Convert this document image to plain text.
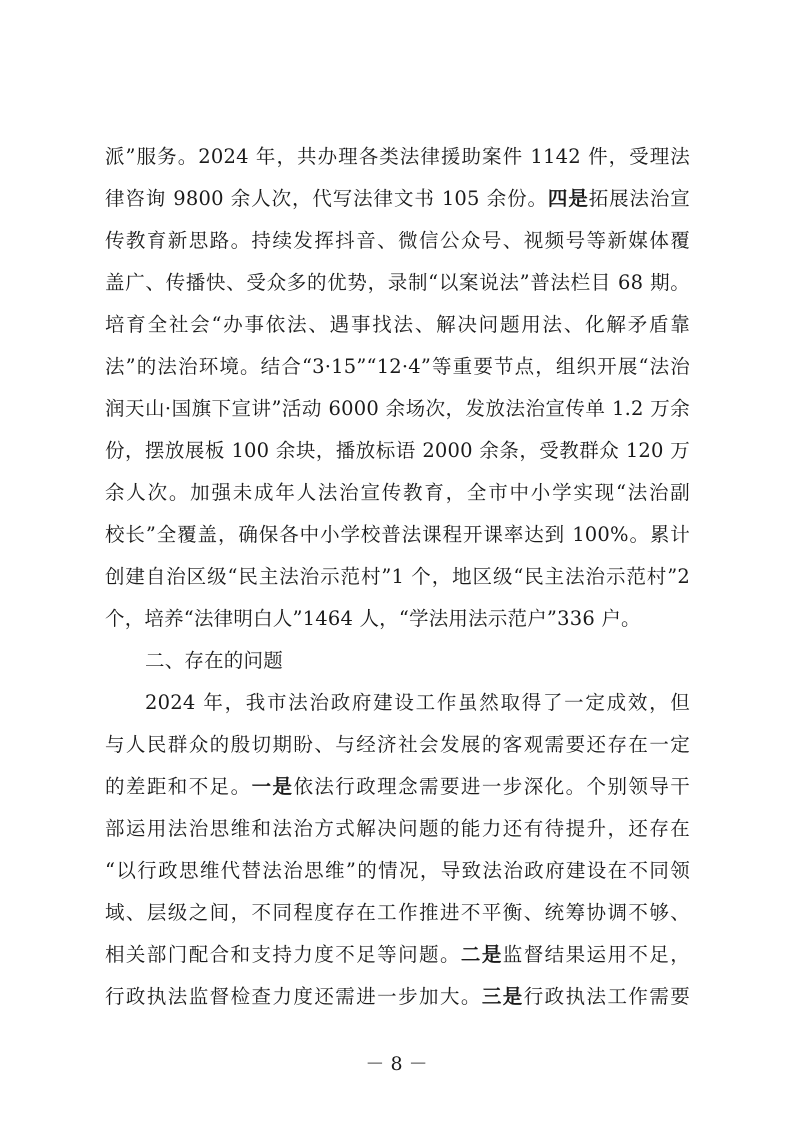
派”服务。2024 年，共办理各类法律援助案件 1142 件，受理法
律咨询 9800 余人次，代写法律文书 105 余份。四是拓展法治宣
传教育新思路。持续发挥抖音、微信公众号、视频号等新媒体覆
盖广、传播快、受众多的优势，录制“以案说法”普法栏目 68 期。
培育全社会“办事依法、遇事找法、解决问题用法、化解矛盾靠
法”的法治环境。结合“3·15”“12·4”等重要节点，组织开展“法治
润天山·国旗下宣讲”活动 6000 余场次，发放法治宣传单 1.2 万余
份，摆放展板 100 余块，播放标语 2000 余条，受教群众 120 万
余人次。加强未成年人法治宣传教育，全市中小学实现“法治副
校长”全覆盖，确保各中小学校普法课程开课率达到 100%。累计
创建自治区级“民主法治示范村”1 个，地区级“民主法治示范村”2
个，培养“法律明白人”1464 人，“学法用法示范户”336 户。
二、存在的问题
2024 年，我市法治政府建设工作虽然取得了一定成效，但
与人民群众的殷切期盼、与经济社会发展的客观需要还存在一定
的差距和不足。一是依法行政理念需要进一步深化。个别领导干
部运用法治思维和法治方式解决问题的能力还有待提升，还存在
“以行政思维代替法治思维”的情况，导致法治政府建设在不同领
域、层级之间，不同程度存在工作推进不平衡、统筹协调不够、
相关部门配合和支持力度不足等问题。二是监督结果运用不足，
行政执法监督检查力度还需进一步加大。三是行政执法工作需要
－ 8 －
